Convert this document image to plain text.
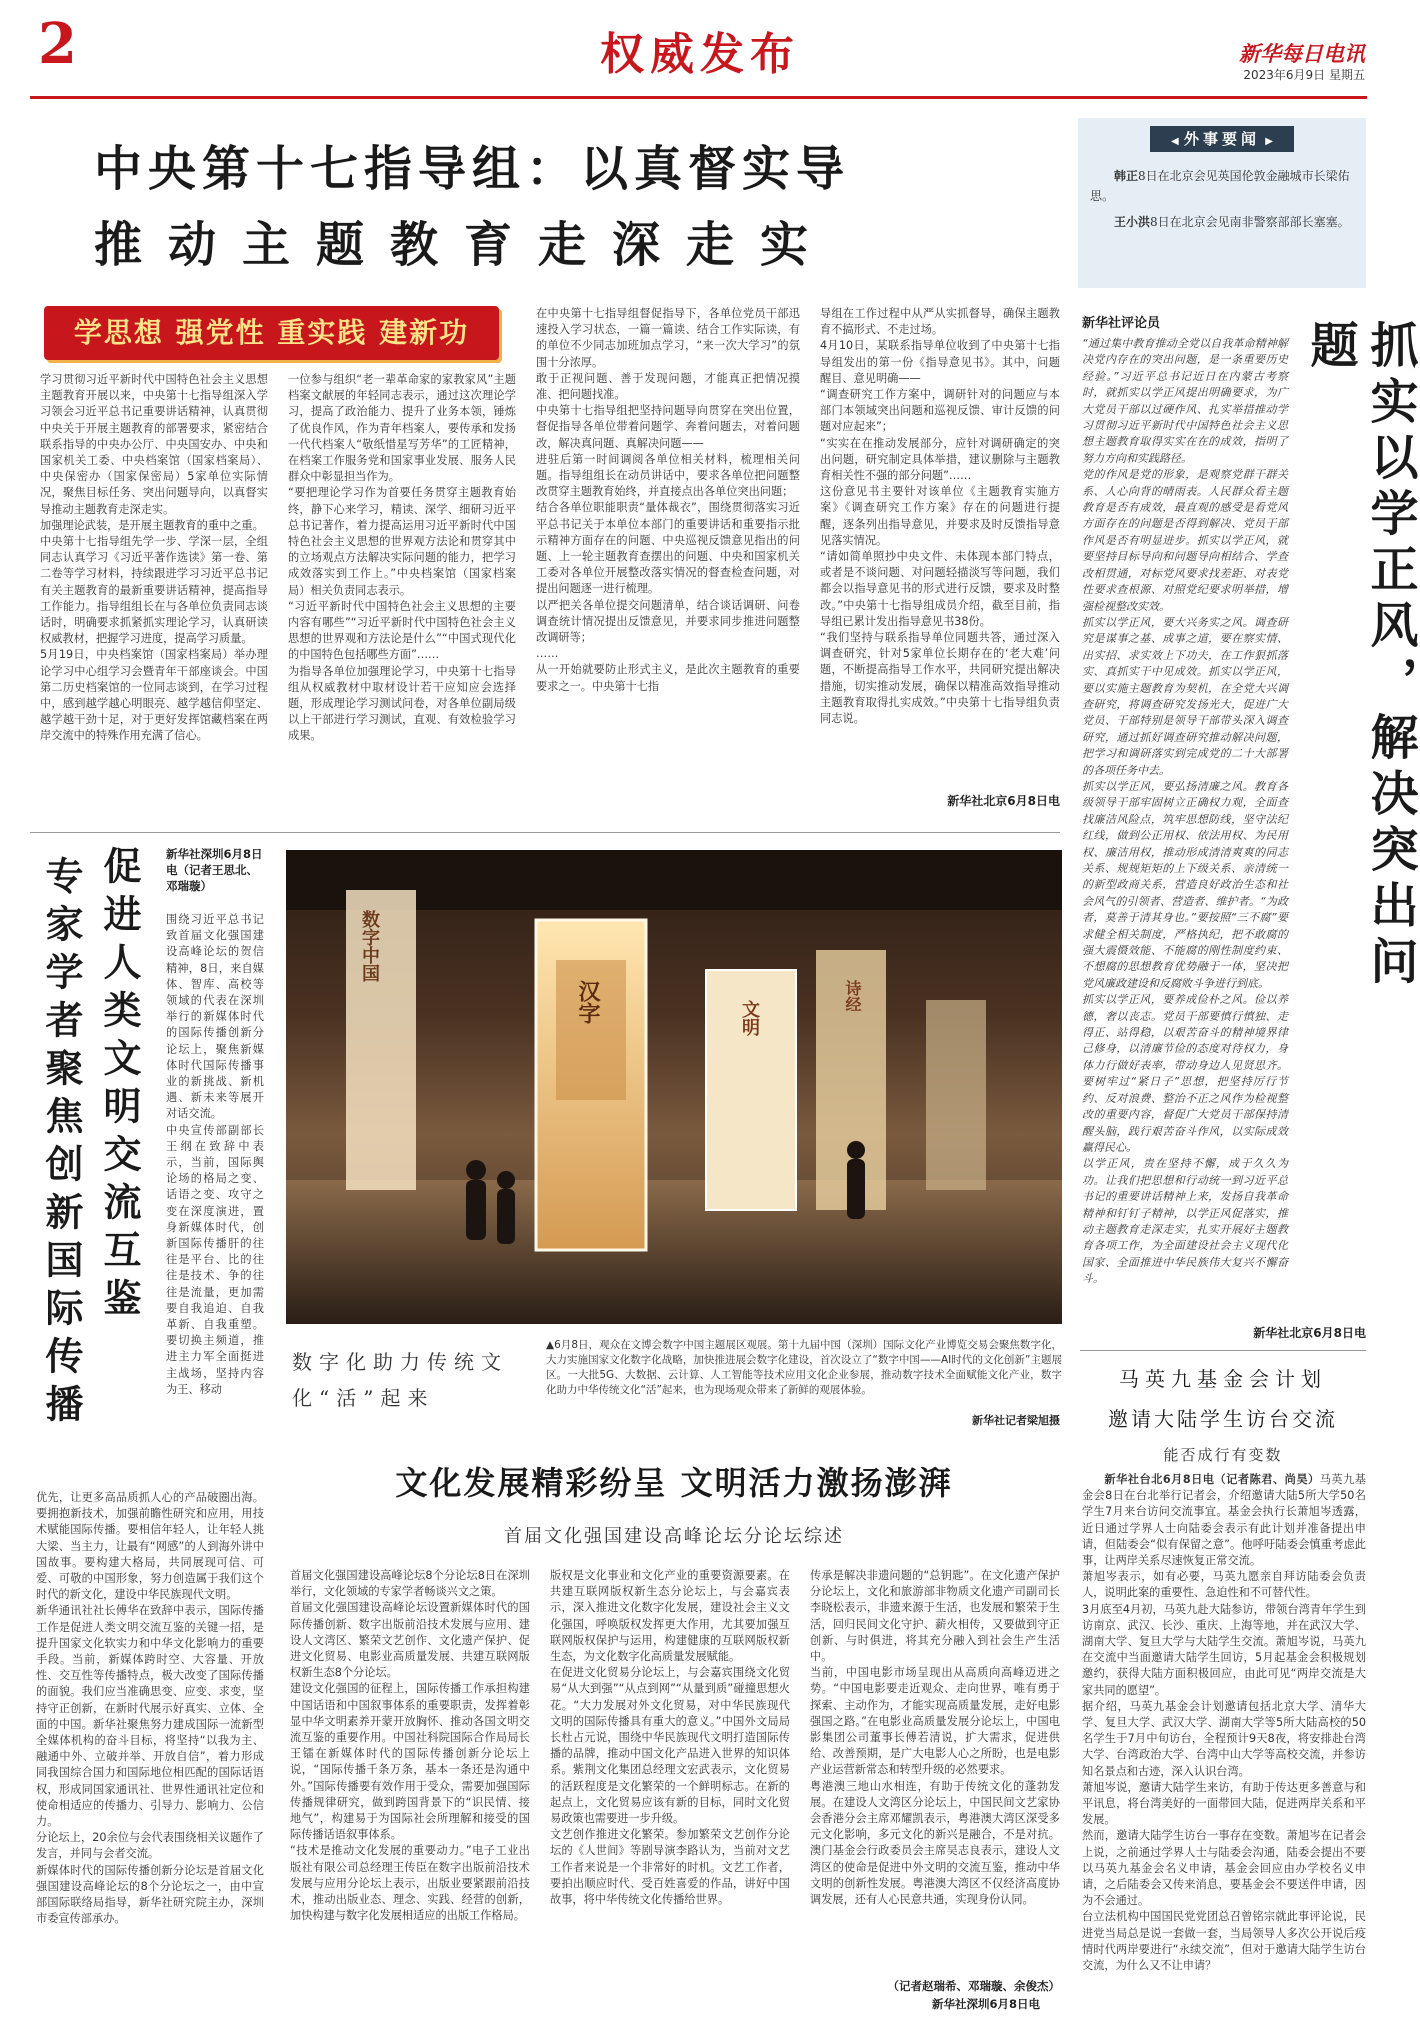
2	权威发布	新华每日电讯
2023年6月9日 星期五
中央第十七指导组：以真督实导
推动主题教育走深走实
学思想 强党性 重实践 建新功
学习贯彻习近平新时代中国特色社会主义思想主题教育开展以来，中央第十七指导组深入学习领会习近平总书记重要讲话精神，认真贯彻中央关于开展主题教育的部署要求，紧密结合联系指导的中央办公厅、中央国安办、中央和国家机关工委、中央档案馆（国家档案局）、中央保密办（国家保密局）5家单位实际情况，聚焦目标任务、突出问题导向，以真督实导推动主题教育走深走实。
加强理论武装，是开展主题教育的重中之重。
中央第十七指导组先学一步、学深一层，全组同志认真学习《习近平著作选读》第一卷、第二卷等学习材料，持续跟进学习习近平总书记有关主题教育的最新重要讲话精神，提高指导工作能力。指导组组长在与各单位负责同志谈话时，明确要求抓紧抓实理论学习，认真研读权威教材，把握学习进度，提高学习质量。
5月19日，中央档案馆（国家档案局）举办理论学习中心组学习会暨青年干部座谈会。中国第二历史档案馆的一位同志谈到，在学习过程中，感到越学越心明眼亮、越学越信仰坚定、越学越干劲十足，对于更好发挥馆藏档案在两岸交流中的特殊作用充满了信心。
一位参与组织“老一辈革命家的家教家风”主题档案文献展的年轻同志表示，通过这次理论学习，提高了政治能力、提升了业务本领，锤炼了优良作风，作为青年档案人，要传承和发扬一代代档案人“敬纸惜星写芳华”的工匠精神，在档案工作服务党和国家事业发展、服务人民群众中彰显担当作为。
“要把理论学习作为首要任务贯穿主题教育始终，静下心来学习，精读、深学、细研习近平总书记著作，着力提高运用习近平新时代中国特色社会主义思想的世界观方法论和贯穿其中的立场观点方法解决实际问题的能力，把学习成效落实到工作上。”中央档案馆（国家档案局）相关负责同志表示。
“习近平新时代中国特色社会主义思想的主要内容有哪些”“习近平新时代中国特色社会主义思想的世界观和方法论是什么”“中国式现代化的中国特色包括哪些方面”……
为指导各单位加强理论学习，中央第十七指导组从权威教材中取材设计若干应知应会选择题，形成理论学习测试问卷，对各单位副局级以上干部进行学习测试，直观、有效检验学习成果。
在中央第十七指导组督促指导下，各单位党员干部迅速投入学习状态，一篇一篇读、结合工作实际读，有的单位不少同志加班加点学习，“来一次大学习”的氛围十分浓厚。
敢于正视问题、善于发现问题，才能真正把情况摸准、把问题找准。
中央第十七指导组把坚持问题导向贯穿在突出位置，督促指导各单位带着问题学、奔着问题去，对着问题改，解决真问题、真解决问题——
进驻后第一时间调阅各单位相关材料，梳理相关问题。指导组组长在动员讲话中，要求各单位把问题整改贯穿主题教育始终，并直接点出各单位突出问题；
结合各单位职能职责“量体裁衣”，围绕贯彻落实习近平总书记关于本单位本部门的重要讲话和重要指示批示精神方面存在的问题、中央巡视反馈意见指出的问题、上一轮主题教育查摆出的问题、中央和国家机关工委对各单位开展整改落实情况的督查检查问题，对提出问题逐一进行梳理。
以严把关各单位提交问题清单，结合谈话调研、问卷调查统计情况提出反馈意见，并要求同步推进问题整改调研等；
……
从一开始就要防止形式主义，是此次主题教育的重要要求之一。中央第十七指
导组在工作过程中从严从实抓督导，确保主题教育不搞形式、不走过场。
4月10日，某联系指导单位收到了中央第十七指导组发出的第一份《指导意见书》。其中，问题醒目、意见明确——
“调查研究工作方案中，调研针对的问题应与本部门本领域突出问题和巡视反馈、审计反馈的问题对应起来”；
“实实在在推动发展部分，应针对调研确定的突出问题，研究制定具体举措，建议删除与主题教育相关性不强的部分问题”……
这份意见书主要针对该单位《主题教育实施方案》《调查研究工作方案》存在的问题进行提醒，逐条列出指导意见，并要求及时反馈指导意见落实情况。
“请如简单照抄中央文件、未体现本部门特点，或者是不谈问题、对问题轻描淡写等问题，我们都会以指导意见书的形式进行反馈，要求及时整改。”中央第十七指导组成员介绍，截至目前，指导组已累计发出指导意见书38份。
“我们坚持与联系指导单位同题共答，通过深入调查研究，针对5家单位长期存在的‘老大难’问题，不断提高指导工作水平，共同研究提出解决措施，切实推动发展，确保以精准高效指导推动主题教育取得扎实成效。”中央第十七指导组负责同志说。
新华社北京6月8日电
◀ 外事要闻 ▶
韩正8日在北京会见英国伦敦金融城市长梁佑思。
王小洪8日在北京会见南非警察部部长塞塞。
新华社评论员	抓实以学正风，解决突出问题
“通过集中教育推动全党以自我革命精神解决党内存在的突出问题，是一条重要历史经验。”习近平总书记近日在内蒙古考察时，就抓实以学正风提出明确要求，为广大党员干部以过硬作风、扎实举措推动学习贯彻习近平新时代中国特色社会主义思想主题教育取得实实在在的成效，指明了努力方向和实践路径。
党的作风是党的形象，是观察党群干群关系、人心向背的晴雨表。人民群众看主题教育是否有成效，最直观的感受是看党风方面存在的问题是否得到解决、党员干部作风是否有明显进步。抓实以学正风，就要坚持目标导向和问题导向相结合、学查改相贯通，对标党风要求找差距、对表党性要求查根源、对照党纪要求明举措，增强检视整改实效。
抓实以学正风，要大兴务实之风。调查研究是谋事之基、成事之道，要在察实情、出实招、求实效上下功夫，在工作狠抓落实、真抓实干中见成效。抓实以学正风，要以实施主题教育为契机，在全党大兴调查研究，将调查研究发扬光大，促进广大党员、干部特别是领导干部带头深入调查研究，通过抓好调查研究推动解决问题，把学习和调研落实到完成党的二十大部署的各项任务中去。
抓实以学正风，要弘扬清廉之风。教育各级领导干部牢固树立正确权力观，全面查找廉洁风险点，筑牢思想防线，坚守法纪红线，做到公正用权、依法用权、为民用权、廉洁用权，推动形成清清爽爽的同志关系、规规矩矩的上下级关系、亲清统一的新型政商关系，营造良好政治生态和社会风气的引领者、营造者、维护者。“为政者，莫善于清其身也。”要按照“三不腐”要求健全相关制度，严格执纪，把不敢腐的强大震慑效能、不能腐的刚性制度约束、不想腐的思想教育优势融于一体，坚决把党风廉政建设和反腐败斗争进行到底。
抓实以学正风，要养成俭朴之风。俭以养德，奢以丧志。党员干部要慎行慎独、走得正、站得稳，以艰苦奋斗的精神境界律己修身，以清廉节俭的态度对待权力，身体力行做好表率，带动身边人见贤思齐。要树牢过“紧日子”思想，把坚持厉行节约、反对浪费、整治不正之风作为检视整改的重要内容，督促广大党员干部保持清醒头脑，践行艰苦奋斗作风，以实际成效赢得民心。
以学正风，贵在坚持不懈，成于久久为功。让我们把思想和行动统一到习近平总书记的重要讲话精神上来，发扬自我革命精神和钉钉子精神，以学正风促落实，推动主题教育走深走实，扎实开展好主题教育各项工作，为全面建设社会主义现代化国家、全面推进中华民族伟大复兴不懈奋斗。
新华社北京6月8日电
促进人类文明交流互鉴
专家学者聚焦创新国际传播
新华社深圳6月8日电（记者王思北、邓瑞璇）
围绕习近平总书记致首届文化强国建设高峰论坛的贺信精神，8日，来自媒体、智库、高校等领域的代表在深圳举行的新媒体时代的国际传播创新分论坛上，聚焦新媒体时代国际传播事业的新挑战、新机遇、新未来等展开对话交流。
中央宣传部副部长王纲在致辞中表示，当前，国际舆论场的格局之变、话语之变、攻守之变在深度演进，置身新媒体时代，创新国际传播肝的往往是平台、比的往往是技术、争的往往是流量，更加需要自我追迫、自我革新、自我重塑。要切换主频道，推进主力军全面挺进主战场，坚持内容为王、移动
优先，让更多高品质抓人心的产品破圈出海。要拥抱新技术，加强前瞻性研究和应用，用技术赋能国际传播。要相信年轻人，让年轻人挑大梁、当主力，让最有“网感”的人到海外讲中国故事。要构建大格局，共同展现可信、可爱、可敬的中国形象，努力创造属于我们这个时代的新文化，建设中华民族现代文明。
新华通讯社社长傅华在致辞中表示，国际传播工作是促进人类文明交流互鉴的关键一招，是提升国家文化软实力和中华文化影响力的重要手段。当前，新媒体跨时空、大容量、开放性、交互性等传播特点，极大改变了国际传播的面貌。我们应当准确思变、应变、求变，坚持守正创新，在新时代展示好真实、立体、全面的中国。新华社聚焦努力建成国际一流新型全媒体机构的奋斗目标，将坚持“以我为主、融通中外、立破并举、开放自信”，着力形成同我国综合国力和国际地位相匹配的国际话语权，形成同国家通讯社、世界性通讯社定位和使命相适应的传播力、引导力、影响力、公信力。
分论坛上，20余位与会代表围绕相关议题作了发言，并同与会者交流。
新媒体时代的国际传播创新分论坛是首届文化强国建设高峰论坛的8个分论坛之一，由中宣部国际联络局指导，新华社研究院主办，深圳市委宣传部承办。
数字中国
汉字	文明
诗经
数字化助力传统文化“活”起来
▲6月8日，观众在文博会数字中国主题展区观展。第十九届中国（深圳）国际文化产业博览交易会聚焦数字化，大力实施国家文化数字化战略，加快推进展会数字化建设，首次设立了“数字中国——AI时代的文化创新”主题展区。一大批5G、大数据、云计算、人工智能等技术应用文化企业参展，推动数字技术全面赋能文化产业，数字化助力中华传统文化“活”起来，也为现场观众带来了新鲜的观展体验。
新华社记者梁旭摄
文化发展精彩纷呈 文明活力激扬澎湃
首届文化强国建设高峰论坛分论坛综述
首届文化强国建设高峰论坛8个分论坛8日在深圳举行，文化领域的专家学者畅谈兴文之策。
首届文化强国建设高峰论坛设置新媒体时代的国际传播创新、数字出版前沿技术发展与应用、建设人文湾区、繁荣文艺创作、文化遗产保护、促进文化贸易、电影业高质量发展、共建互联网版权新生态8个分论坛。
建设文化强国的征程上，国际传播工作承担构建中国话语和中国叙事体系的重要职责，发挥着彰显中华文明素养开蒙开放胸怀、推动各国文明交流互鉴的重要作用。中国社科院国际合作局局长王镭在新媒体时代的国际传播创新分论坛上说，“国际传播千条万条，基本一条还是沟通中外。”国际传播要有效作用于受众，需要加强国际传播规律研究，做到跨国背景下的“识民情、接地气”，构建易于为国际社会所理解和接受的国际传播话语叙事体系。
“技术是推动文化发展的重要动力。”电子工业出版社有限公司总经理王传臣在数字出版前沿技术发展与应用分论坛上表示，出版业要紧跟前沿技术，推动出版业态、理念、实践、经营的创新，加快构建与数字化发展相适应的出版工作格局。
版权是文化事业和文化产业的重要资源要素。在共建互联网版权新生态分论坛上，与会嘉宾表示，深入推进文化数字化发展，建设社会主义文化强国，呼唤版权发挥更大作用，尤其要加强互联网版权保护与运用，构建健康的互联网版权新生态，为文化数字化高质量发展赋能。
在促进文化贸易分论坛上，与会嘉宾围绕文化贸易“从大到强”“从点到网”“从量到质”碰撞思想火花。“大力发展对外文化贸易，对中华民族现代文明的国际传播具有重大的意义。”中国外文局局长杜占元说，围绕中华民族现代文明打造国际传播的品牌，推动中国文化产品进入世界的知识体系。紫荆文化集团总经理文宏武表示，文化贸易的活跃程度是文化繁荣的一个鲜明标志。在新的起点上，文化贸易应该有新的目标，同时文化贸易政策也需要进一步升级。
文艺创作推进文化繁荣。参加繁荣文艺创作分论坛的《人世间》等剧导演李路认为，当前对文艺工作者来说是一个非常好的时机。文艺工作者，要拍出顺应时代、受百姓喜爱的作品，讲好中国故事，将中华传统文化传播给世界。
传承是解决非遗问题的“总钥匙”。在文化遗产保护分论坛上，文化和旅游部非物质文化遗产司副司长李晓松表示，非遗来源于生活，也发展和繁荣于生活，回归民间文化守护、薪火相传，又要做到守正创新、与时俱进，将其充分融入到社会生产生活中。
当前，中国电影市场呈现出从高质向高峰迈进之势。“中国电影要走近观众、走向世界，唯有勇于探索、主动作为，才能实现高质量发展，走好电影强国之路。”在电影业高质量发展分论坛上，中国电影集团公司董事长傅若清说，扩大需求，促进供给、改善预期，是广大电影人心之所盼，也是电影产业运营新常态和转型升级的必然要求。
粤港澳三地山水相连，有助于传统文化的蓬勃发展。在建设人文湾区分论坛上，中国民间文艺家协会香港分会主席邓耀凯表示，粤港澳大湾区深受多元文化影响，多元文化的新兴是融合，不是对抗。澳门基金会行政委员会主席吴志良表示，建设人文湾区的使命是促进中外文明的交流互鉴，推动中华文明的创新性发展。粤港澳大湾区不仅经济高度协调发展，还有人心民意共通，实现身份认同。
（记者赵瑞希、邓瑞璇、余俊杰）
新华社深圳6月8日电
马英九基金会计划
邀请大陆学生访台交流
能否成行有变数

新华社台北6月8日电（记者陈君、尚昊）马英九基金会8日在台北举行记者会，介绍邀请大陆5所大学50名学生7月来台访问交流事宜。基金会执行长萧旭岑透露，近日通过学界人士向陆委会表示有此计划并准备提出申请，但陆委会“似有保留之意”。他呼吁陆委会慎重考虑此事，让两岸关系尽速恢复正常交流。
萧旭岑表示，如有必要，马英九愿亲自拜访陆委会负责人，说明此案的重要性、急迫性和不可替代性。
3月底至4月初，马英九赴大陆参访，带领台湾青年学生到访南京、武汉、长沙、重庆、上海等地，并在武汉大学、湖南大学、复旦大学与大陆学生交流。萧旭岑说，马英九在交流中当面邀请大陆学生回访，5月起基金会积极规划邀约，获得大陆方面积极回应，由此可见“两岸交流是大家共同的愿望”。
据介绍，马英九基金会计划邀请包括北京大学、清华大学、复旦大学、武汉大学、湖南大学等5所大陆高校的50名学生于7月中旬访台，全程预计9天8夜，将安排赴台湾大学、台湾政治大学、台湾中山大学等高校交流，并参访知名景点和古迹，深入认识台湾。
萧旭岑说，邀请大陆学生来访，有助于传达更多善意与和平讯息，将台湾美好的一面带回大陆，促进两岸关系和平发展。
然而，邀请大陆学生访台一事存在变数。萧旭岑在记者会上说，之前通过学界人士与陆委会沟通，陆委会提出不要以马英九基金会名义申请，基金会回应由办学校名义申请，之后陆委会又传来消息，要基金会不要送件申请，因为不会通过。
台立法机构中国国民党党团总召曾铭宗就此事评论说，民进党当局总是说一套做一套，当局领导人多次公开说后疫情时代两岸要进行“永续交流”，但对于邀请大陆学生访台交流，为什么又不让申请？
